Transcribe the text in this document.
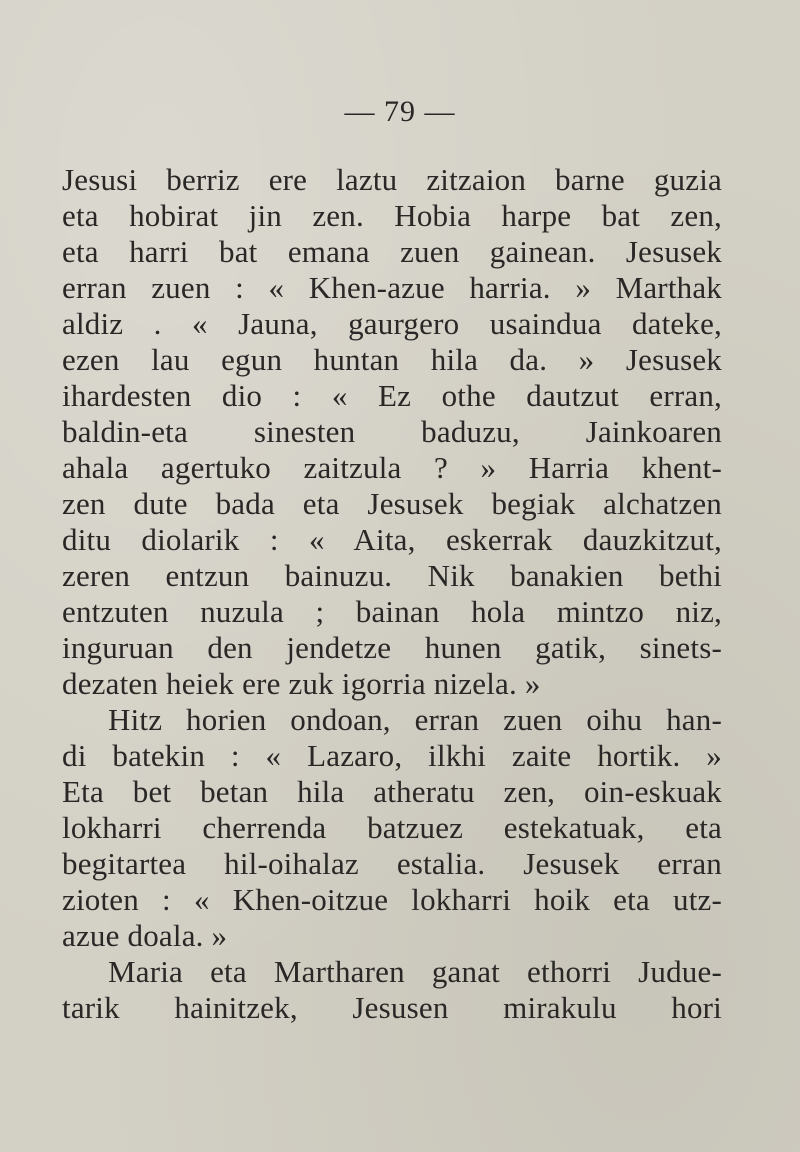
— 79 —
Jesusi berriz ere laztu zitzaion barne guzia
eta hobirat jin zen. Hobia harpe bat zen,
eta harri bat emana zuen gainean. Jesusek
erran zuen : « Khen-azue harria. » Marthak
aldiz . « Jauna, gaurgero usaindua dateke,
ezen lau egun huntan hila da. » Jesusek
ihardesten dio : « Ez othe dautzut erran,
baldin-eta sinesten baduzu, Jainkoaren
ahala agertuko zaitzula ? » Harria khent-
zen dute bada eta Jesusek begiak alchatzen
ditu diolarik : « Aita, eskerrak dauzkitzut,
zeren entzun bainuzu. Nik banakien bethi
entzuten nuzula ; bainan hola mintzo niz,
inguruan den jendetze hunen gatik, sinets-
dezaten heiek ere zuk igorria nizela. »
Hitz horien ondoan, erran zuen oihu han-
di batekin : « Lazaro, ilkhi zaite hortik. »
Eta bet betan hila atheratu zen, oin-eskuak
lokharri cherrenda batzuez estekatuak, eta
begitartea hil-oihalaz estalia. Jesusek erran
zioten : « Khen-oitzue lokharri hoik eta utz-
azue doala. »
Maria eta Martharen ganat ethorri Judue-
tarik hainitzek, Jesusen mirakulu hori
